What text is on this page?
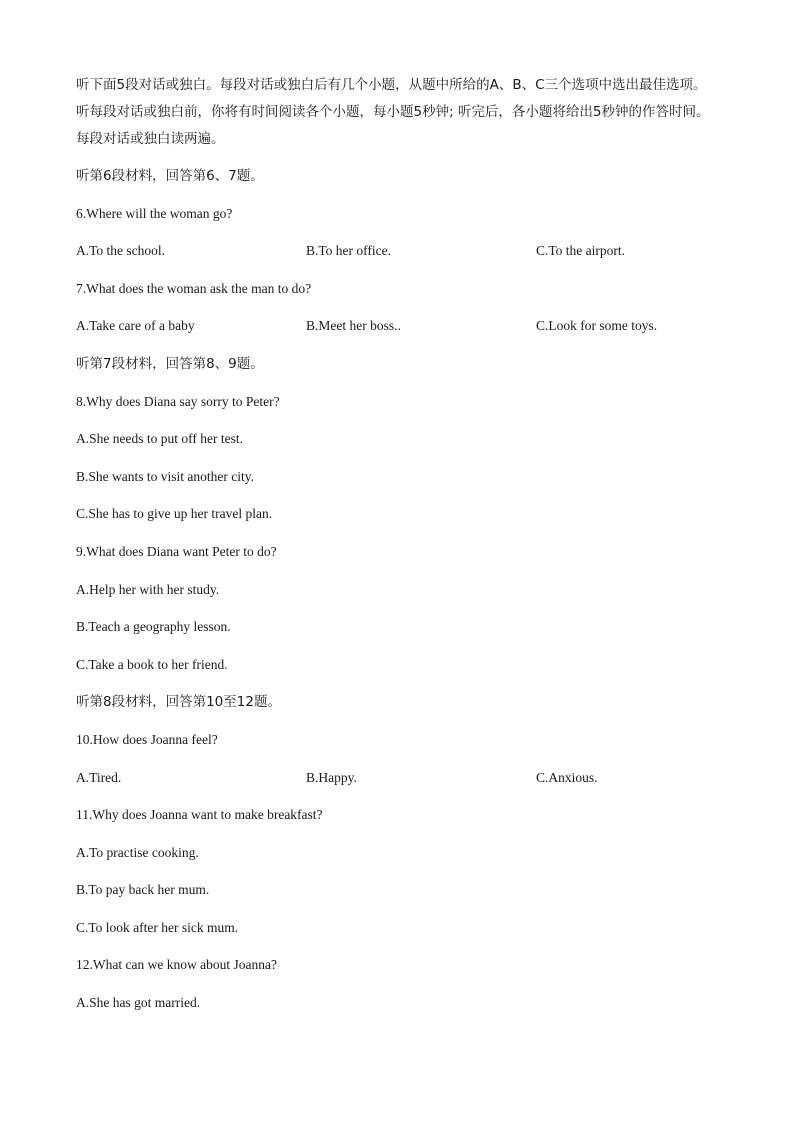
听下面5段对话或独白。每段对话或独白后有几个小题，从题中所给的A、B、C三个选项中选出最佳选项。
听每段对话或独白前，你将有时间阅读各个小题，每小题5秒钟; 听完后，各小题将给出5秒钟的作答时间。
每段对话或独白读两遍。
听第6段材料，回答第6、7题。
6.Where will the woman go?
A.To the school.	B.To her office.	C.To the airport.
7.What does the woman ask the man to do?
A.Take care of a baby	B.Meet her boss..	C.Look for some toys.
听第7段材料，回答第8、9题。
8.Why does Diana say sorry to Peter?
A.She needs to put off her test.
B.She wants to visit another city.
C.She has to give up her travel plan.
9.What does Diana want Peter to do?
A.Help her with her study.
B.Teach a geography lesson.
C.Take a book to her friend.
听第8段材料，回答第10至12题。
10.How does Joanna feel?
A.Tired.	B.Happy.	C.Anxious.
11.Why does Joanna want to make breakfast?
A.To practise cooking.
B.To pay back her mum.
C.To look after her sick mum.
12.What can we know about Joanna?
A.She has got married.
